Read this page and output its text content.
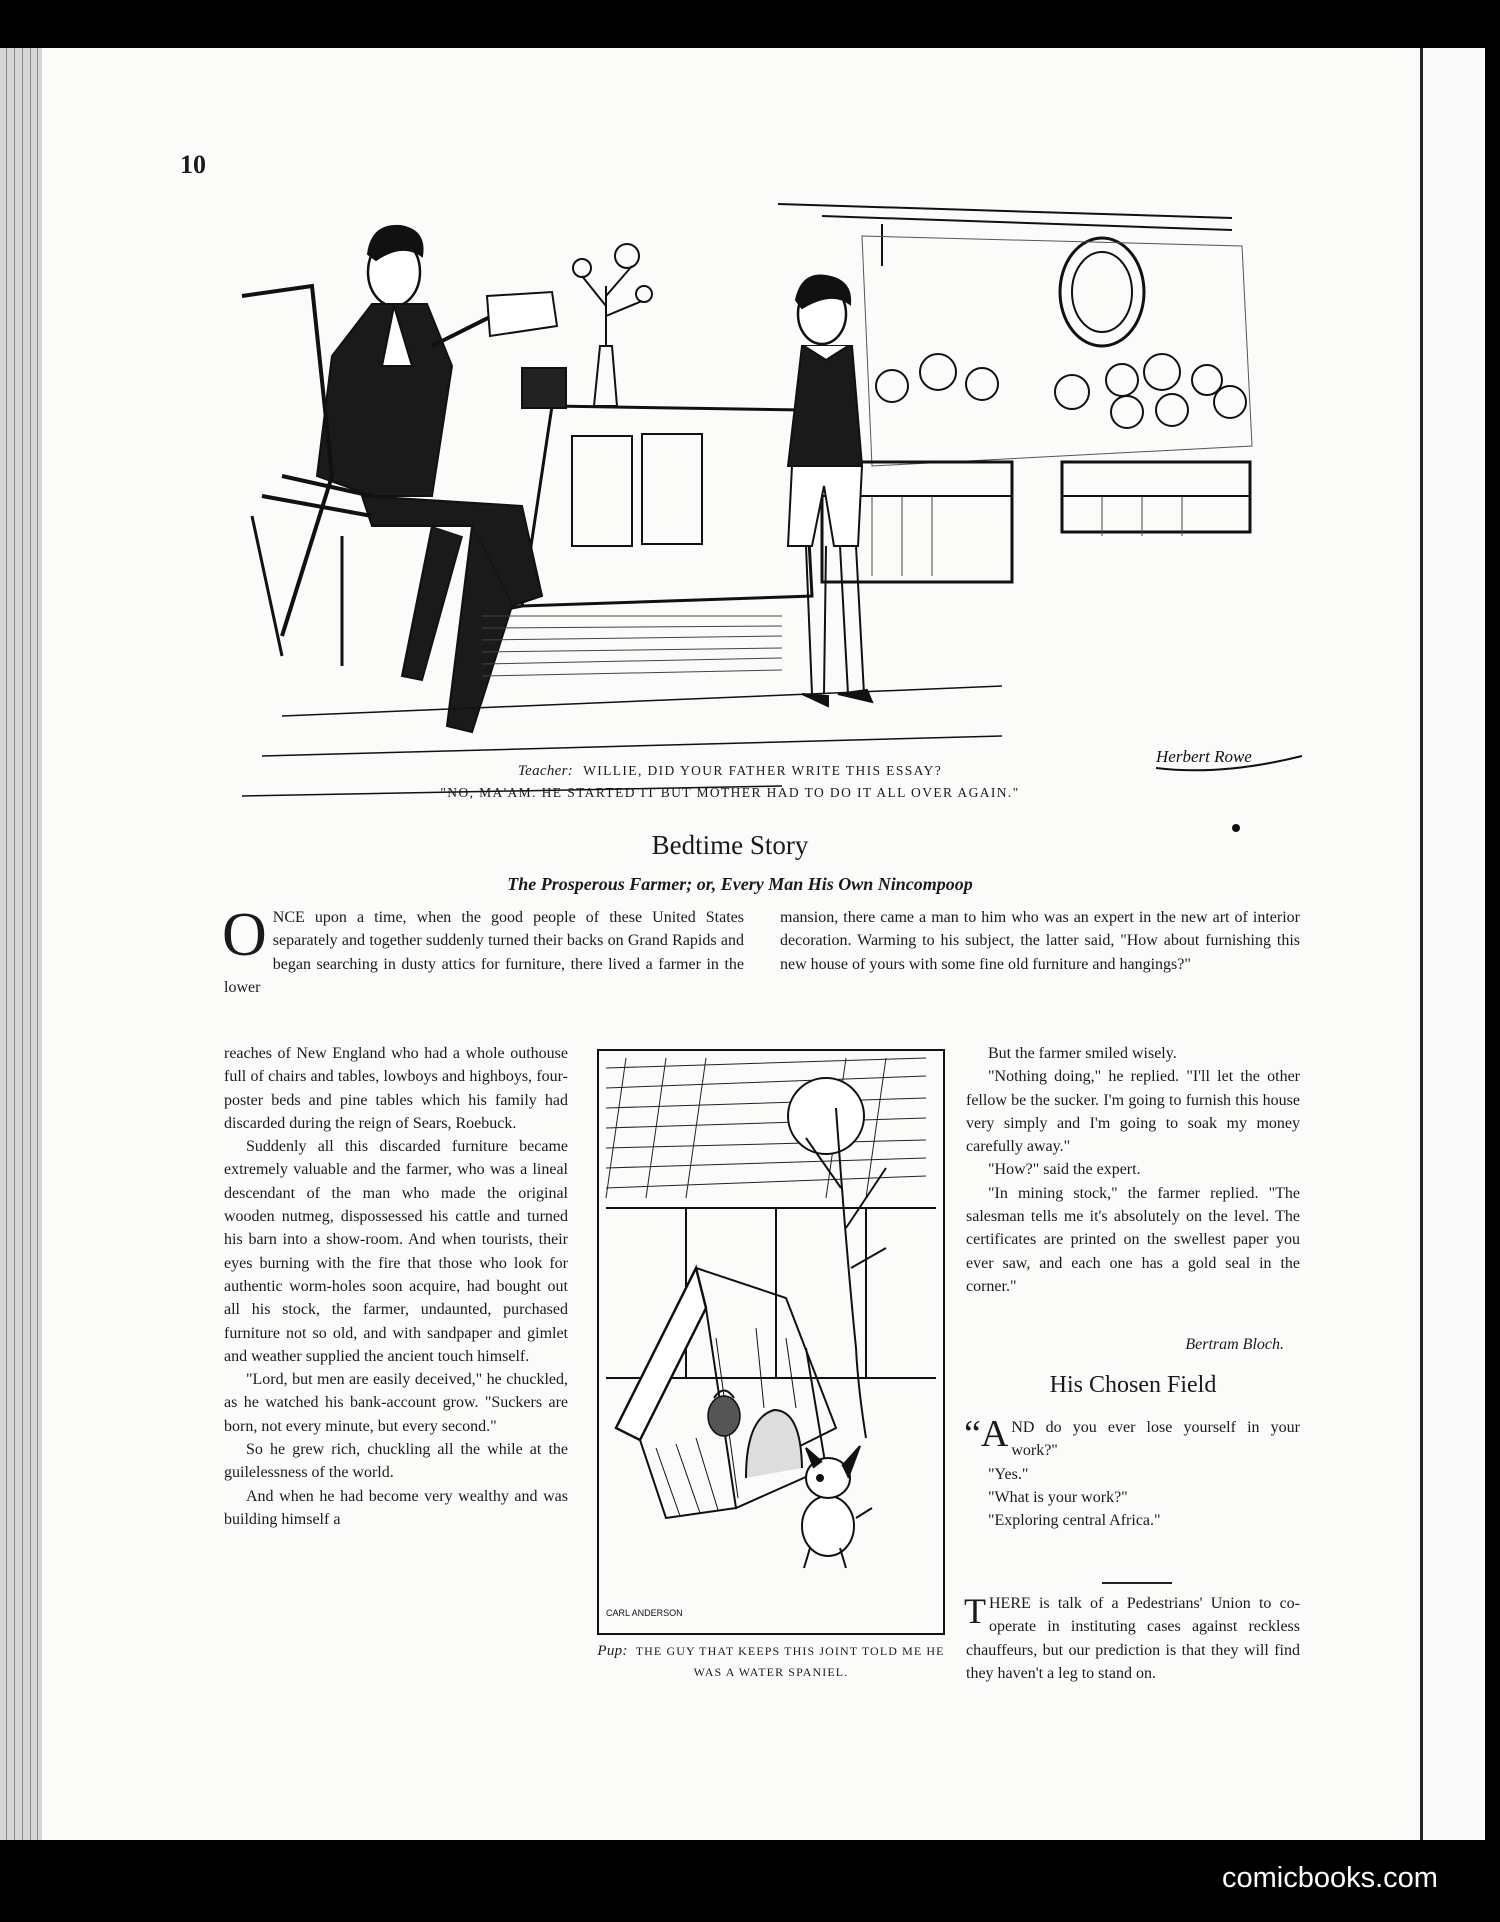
10
Herbert Rowe
Teacher: WILLIE, DID YOUR FATHER WRITE THIS ESSAY?
"NO, MA'AM. HE STARTED IT BUT MOTHER HAD TO DO IT ALL OVER AGAIN."
Bedtime Story
The Prosperous Farmer; or, Every Man His Own Nincompoop

ONCE upon a time, when the good people of these United States separately and together suddenly turned their backs on Grand Rapids and began searching in dusty attics for furniture, there lived a farmer in the lower

reaches of New England who had a whole outhouse full of chairs and tables, lowboys and highboys, four-poster beds and pine tables which his family had discarded during the reign of Sears, Roebuck.

Suddenly all this discarded furniture became extremely valuable and the farmer, who was a lineal descendant of the man who made the original wooden nutmeg, dispossessed his cattle and turned his barn into a show-room. And when tourists, their eyes burning with the fire that those who look for authentic worm-holes soon acquire, had bought out all his stock, the farmer, undaunted, purchased furniture not so old, and with sandpaper and gimlet and weather supplied the ancient touch himself.

"Lord, but men are easily deceived," he chuckled, as he watched his bank-account grow. "Suckers are born, not every minute, but every second."

So he grew rich, chuckling all the while at the guilelessness of the world.

And when he had become very wealthy and was building himself a

mansion, there came a man to him who was an expert in the new art of interior decoration. Warming to his subject, the latter said, "How about furnishing this new house of yours with some fine old furniture and hangings?"

CARL ANDERSON
Pup: THE GUY THAT KEEPS THIS JOINT TOLD ME HE WAS A WATER SPANIEL.

But the farmer smiled wisely.

"Nothing doing," he replied. "I'll let the other fellow be the sucker. I'm going to furnish this house very simply and I'm going to soak my money carefully away."

"How?" said the expert.

"In mining stock," the farmer replied. "The salesman tells me it's absolutely on the level. The certificates are printed on the swellest paper you ever saw, and each one has a gold seal in the corner."

Bertram Bloch.
His Chosen Field

“AND do you ever lose yourself in your work?"

"Yes."

"What is your work?"

"Exploring central Africa."

THERE is talk of a Pedestrians' Union to co-operate in instituting cases against reckless chauffeurs, but our prediction is that they will find they haven't a leg to stand on.

comicbooks.com
